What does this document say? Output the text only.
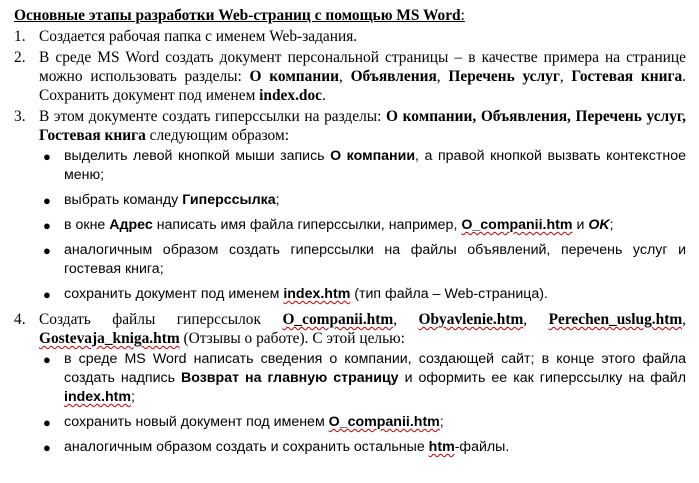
Основные этапы разработки Web-страниц с помощью MS Word:
1. Создается рабочая папка с именем Web-задания.
2. В среде MS Word создать документ персональной страницы – в качестве примера на странице можно использовать разделы: О компании, Объявления, Перечень услуг, Гостевая книга. Сохранить документ под именем index.doc.
3. В этом документе создать гиперссылки на разделы: О компании, Объявления, Перечень услуг, Гостевая книга следующим образом:
● выделить левой кнопкой мыши запись О компании, а правой кнопкой вызвать контекстное меню;
● выбрать команду Гиперссылка;
● в окне Адрес написать имя файла гиперссылки, например, O_companii.htm и OK;
● аналогичным образом создать гиперссылки на файлы объявлений, перечень услуг и гостевая книга;
● сохранить документ под именем index.htm (тип файла – Web-страница).
4. Создать файлы гиперссылок O_companii.htm, Obyavlenie.htm, Perechen_uslug.htm, Gostevaja_kniga.htm (Отзывы о работе). С этой целью:
● в среде MS Word написать сведения о компании, создающей сайт; в конце этого файла создать надпись Возврат на главную страницу и оформить ее как гиперссылку на файл index.htm;
● сохранить новый документ под именем O_companii.htm;
● аналогичным образом создать и сохранить остальные htm-файлы.
